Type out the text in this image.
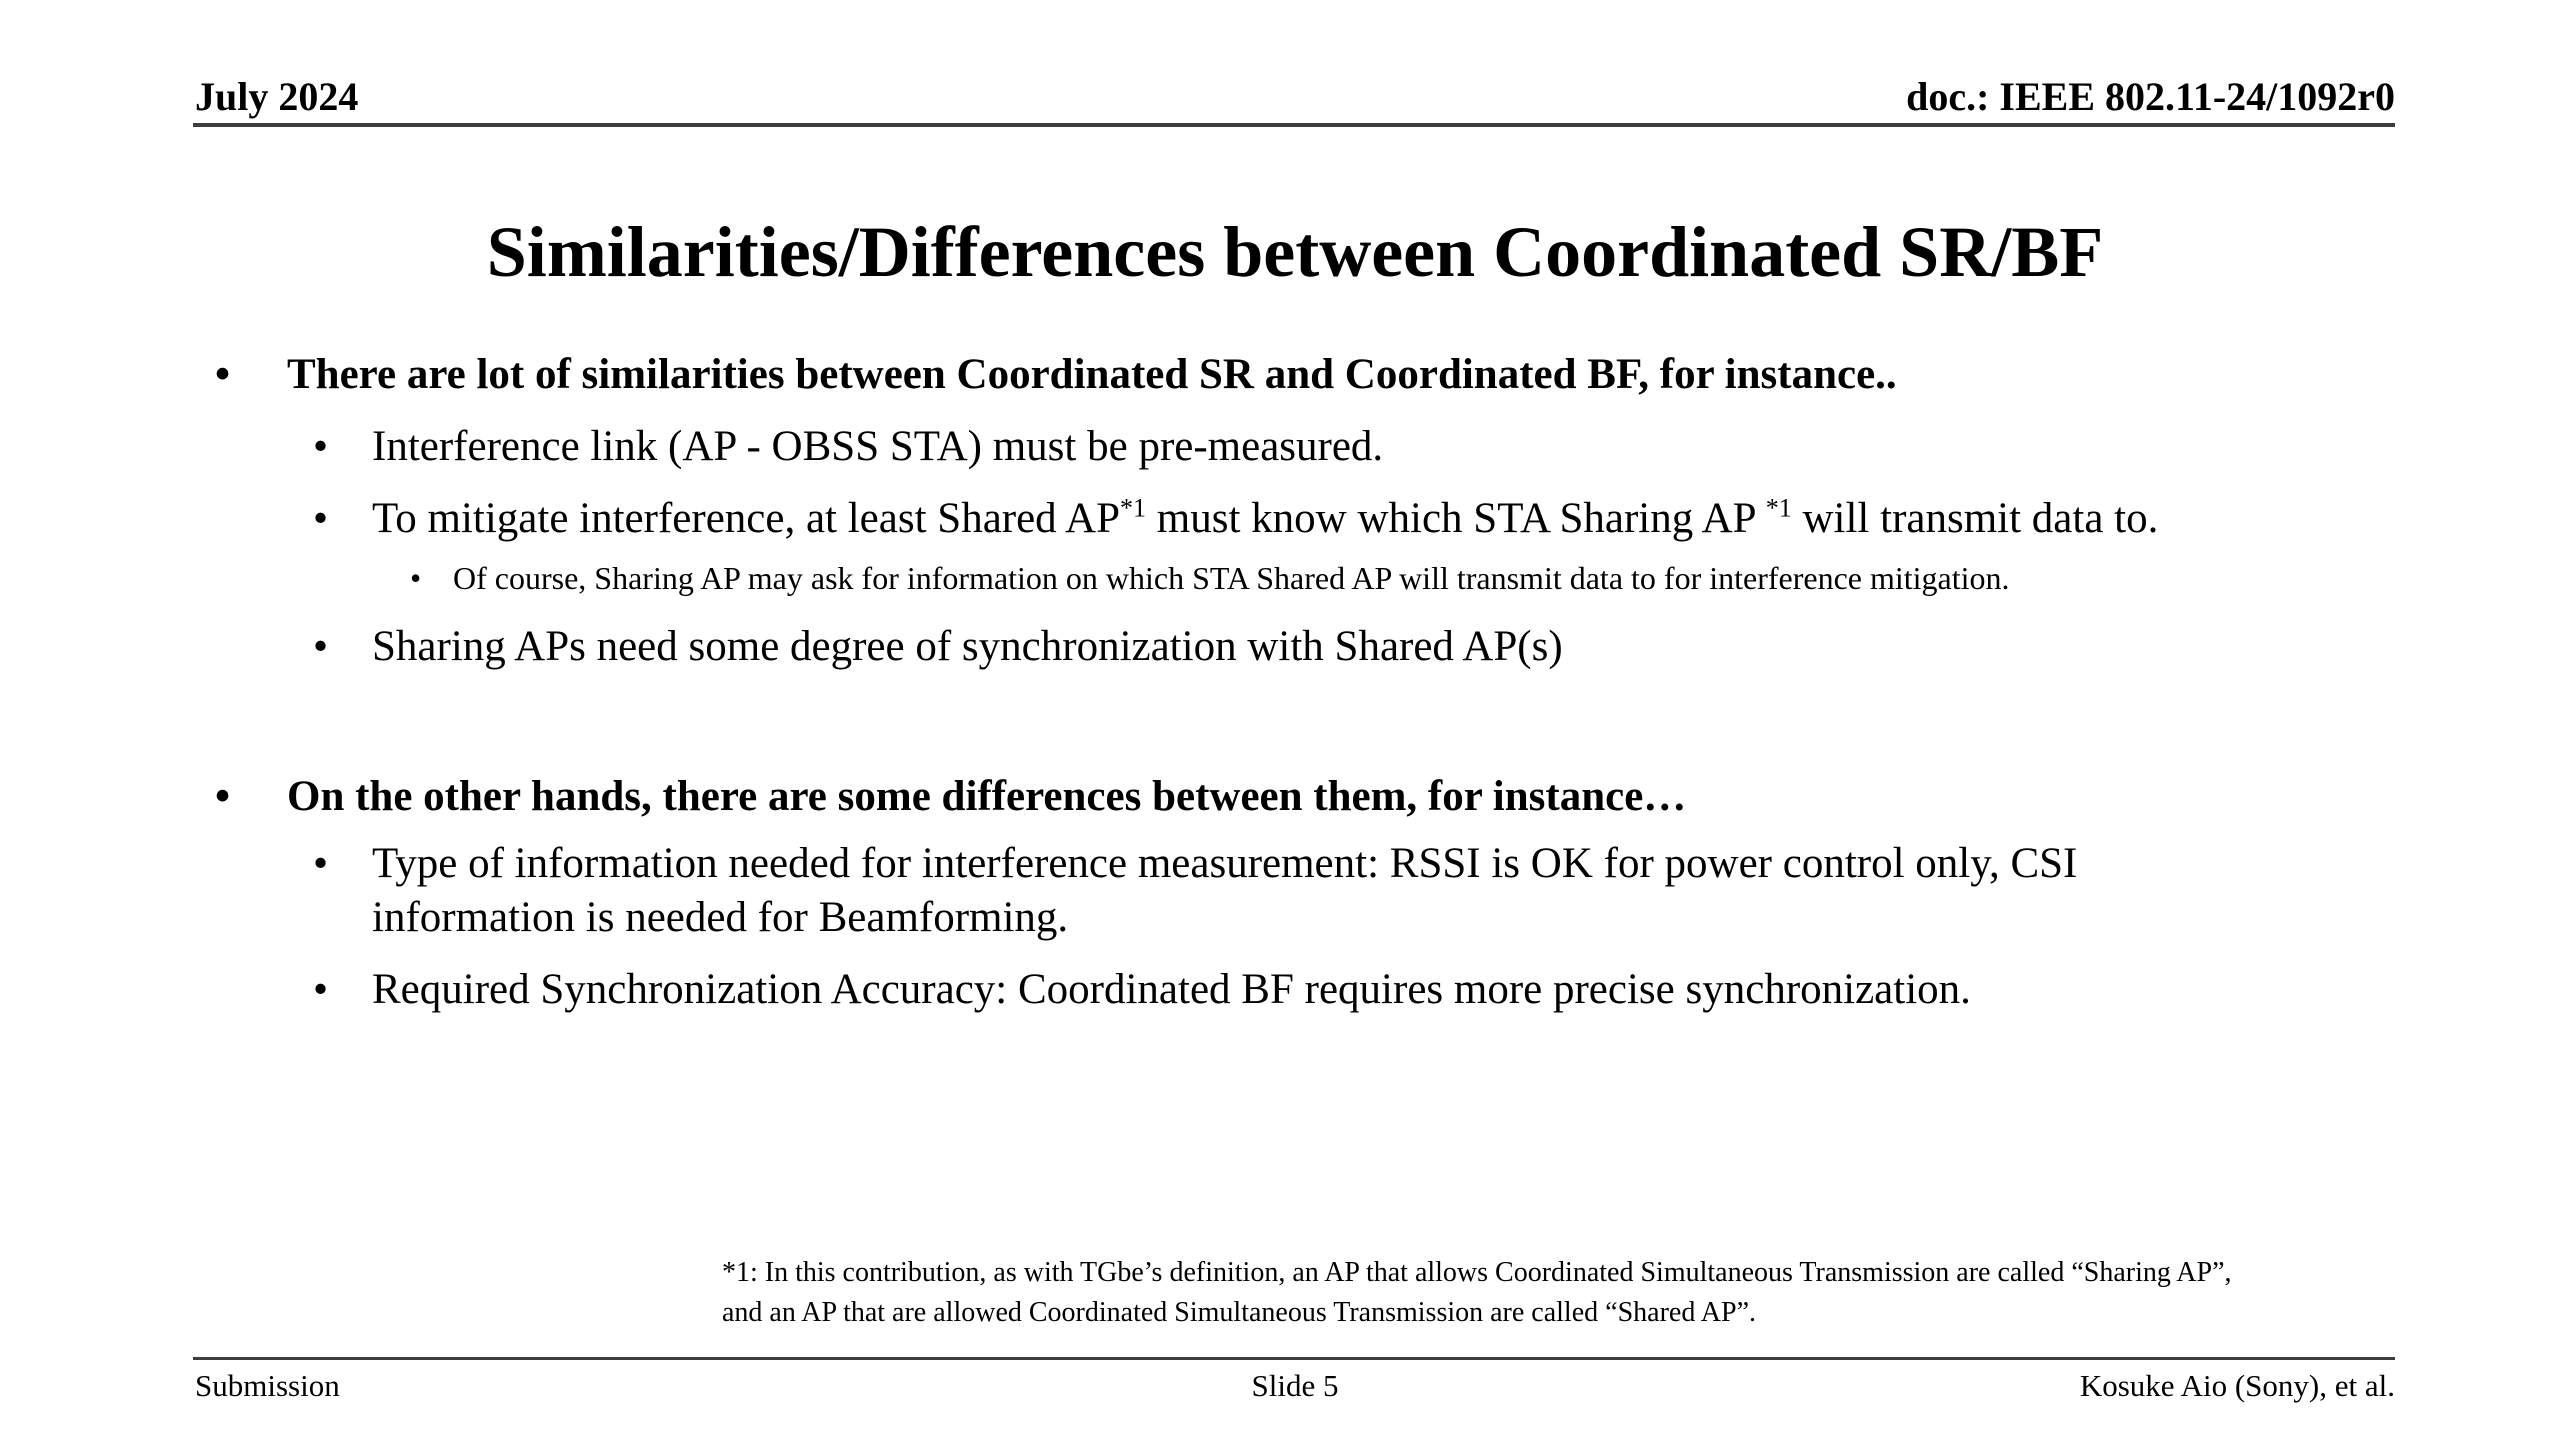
July 2024	doc.: IEEE 802.11-24/1092r0
Similarities/Differences between Coordinated SR/BF
•	There are lot of similarities between Coordinated SR and Coordinated BF, for instance..
•	Interference link (AP - OBSS STA) must be pre-measured.
•	To mitigate interference, at least Shared AP$^{*1}$ must know which STA Sharing AP $^{*1}$ will transmit data to.
• Of course, Sharing AP may ask for information on which STA Shared AP will transmit data to for interference mitigation.
•	Sharing APs need some degree of synchronization with Shared AP(s)
•	On the other hands, there are some differences between them, for instance…
•	Type of information needed for interference measurement: RSSI is OK for power control only, CSI
information is needed for Beamforming.
•	Required Synchronization Accuracy: Coordinated BF requires more precise synchronization.
*1: In this contribution, as with TGbe’s definition, an AP that allows Coordinated Simultaneous Transmission are called “Sharing AP”,
and an AP that are allowed Coordinated Simultaneous Transmission are called “Shared AP”.
Submission	Slide 5	Kosuke Aio (Sony), et al.
